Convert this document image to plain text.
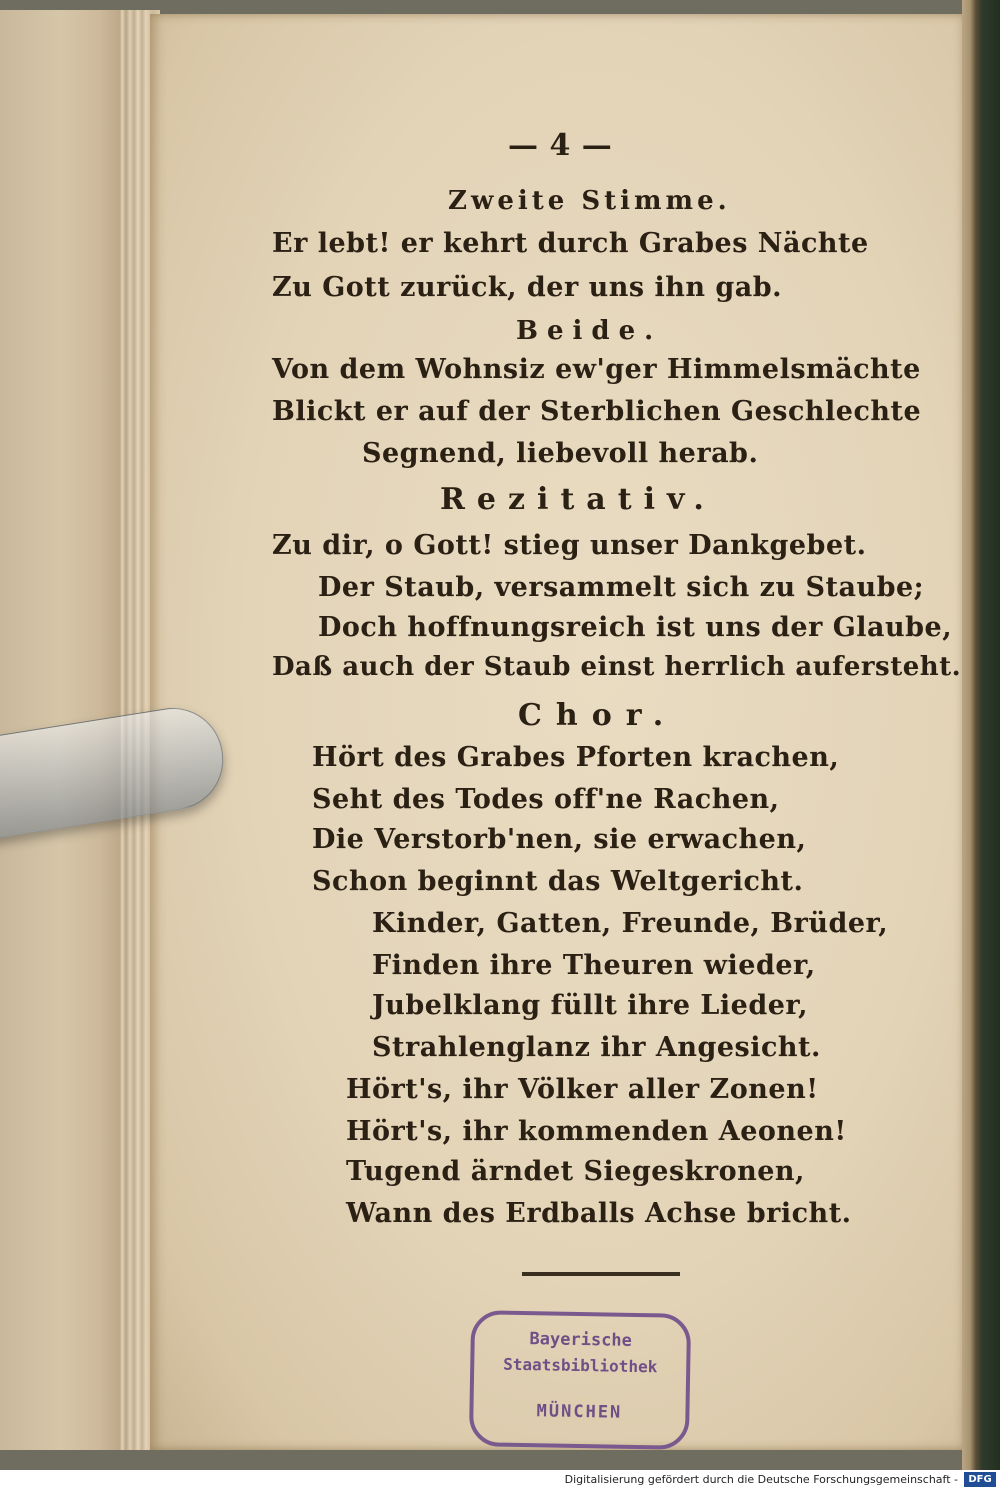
— 4 —
Zweite Stimme.
Er lebt! er kehrt durch Grabes Nächte
Zu Gott zurück, der uns ihn gab.
Beide.
Von dem Wohnsiz ew'ger Himmelsmächte
Blickt er auf der Sterblichen Geschlechte
Segnend, liebevoll herab.
Rezitativ.
Zu dir, o Gott! stieg unser Dankgebet.
Der Staub, versammelt sich zu Staube;
Doch hoffnungsreich ist uns der Glaube,
Daß auch der Staub einst herrlich aufersteht.
Chor.
Hört des Grabes Pforten krachen,
Seht des Todes off'ne Rachen,
Die Verstorb'nen, sie erwachen,
Schon beginnt das Weltgericht.
Kinder, Gatten, Freunde, Brüder,
Finden ihre Theuren wieder,
Jubelklang füllt ihre Lieder,
Strahlenglanz ihr Angesicht.
Hört's, ihr Völker aller Zonen!
Hört's, ihr kommenden Aeonen!
Tugend ärndet Siegeskronen,
Wann des Erdballs Achse bricht.
Bayerische
Staatsbibliothek
MÜNCHEN
Digitalisierung gefördert durch die Deutsche Forschungsgemeinschaft -	DFG
